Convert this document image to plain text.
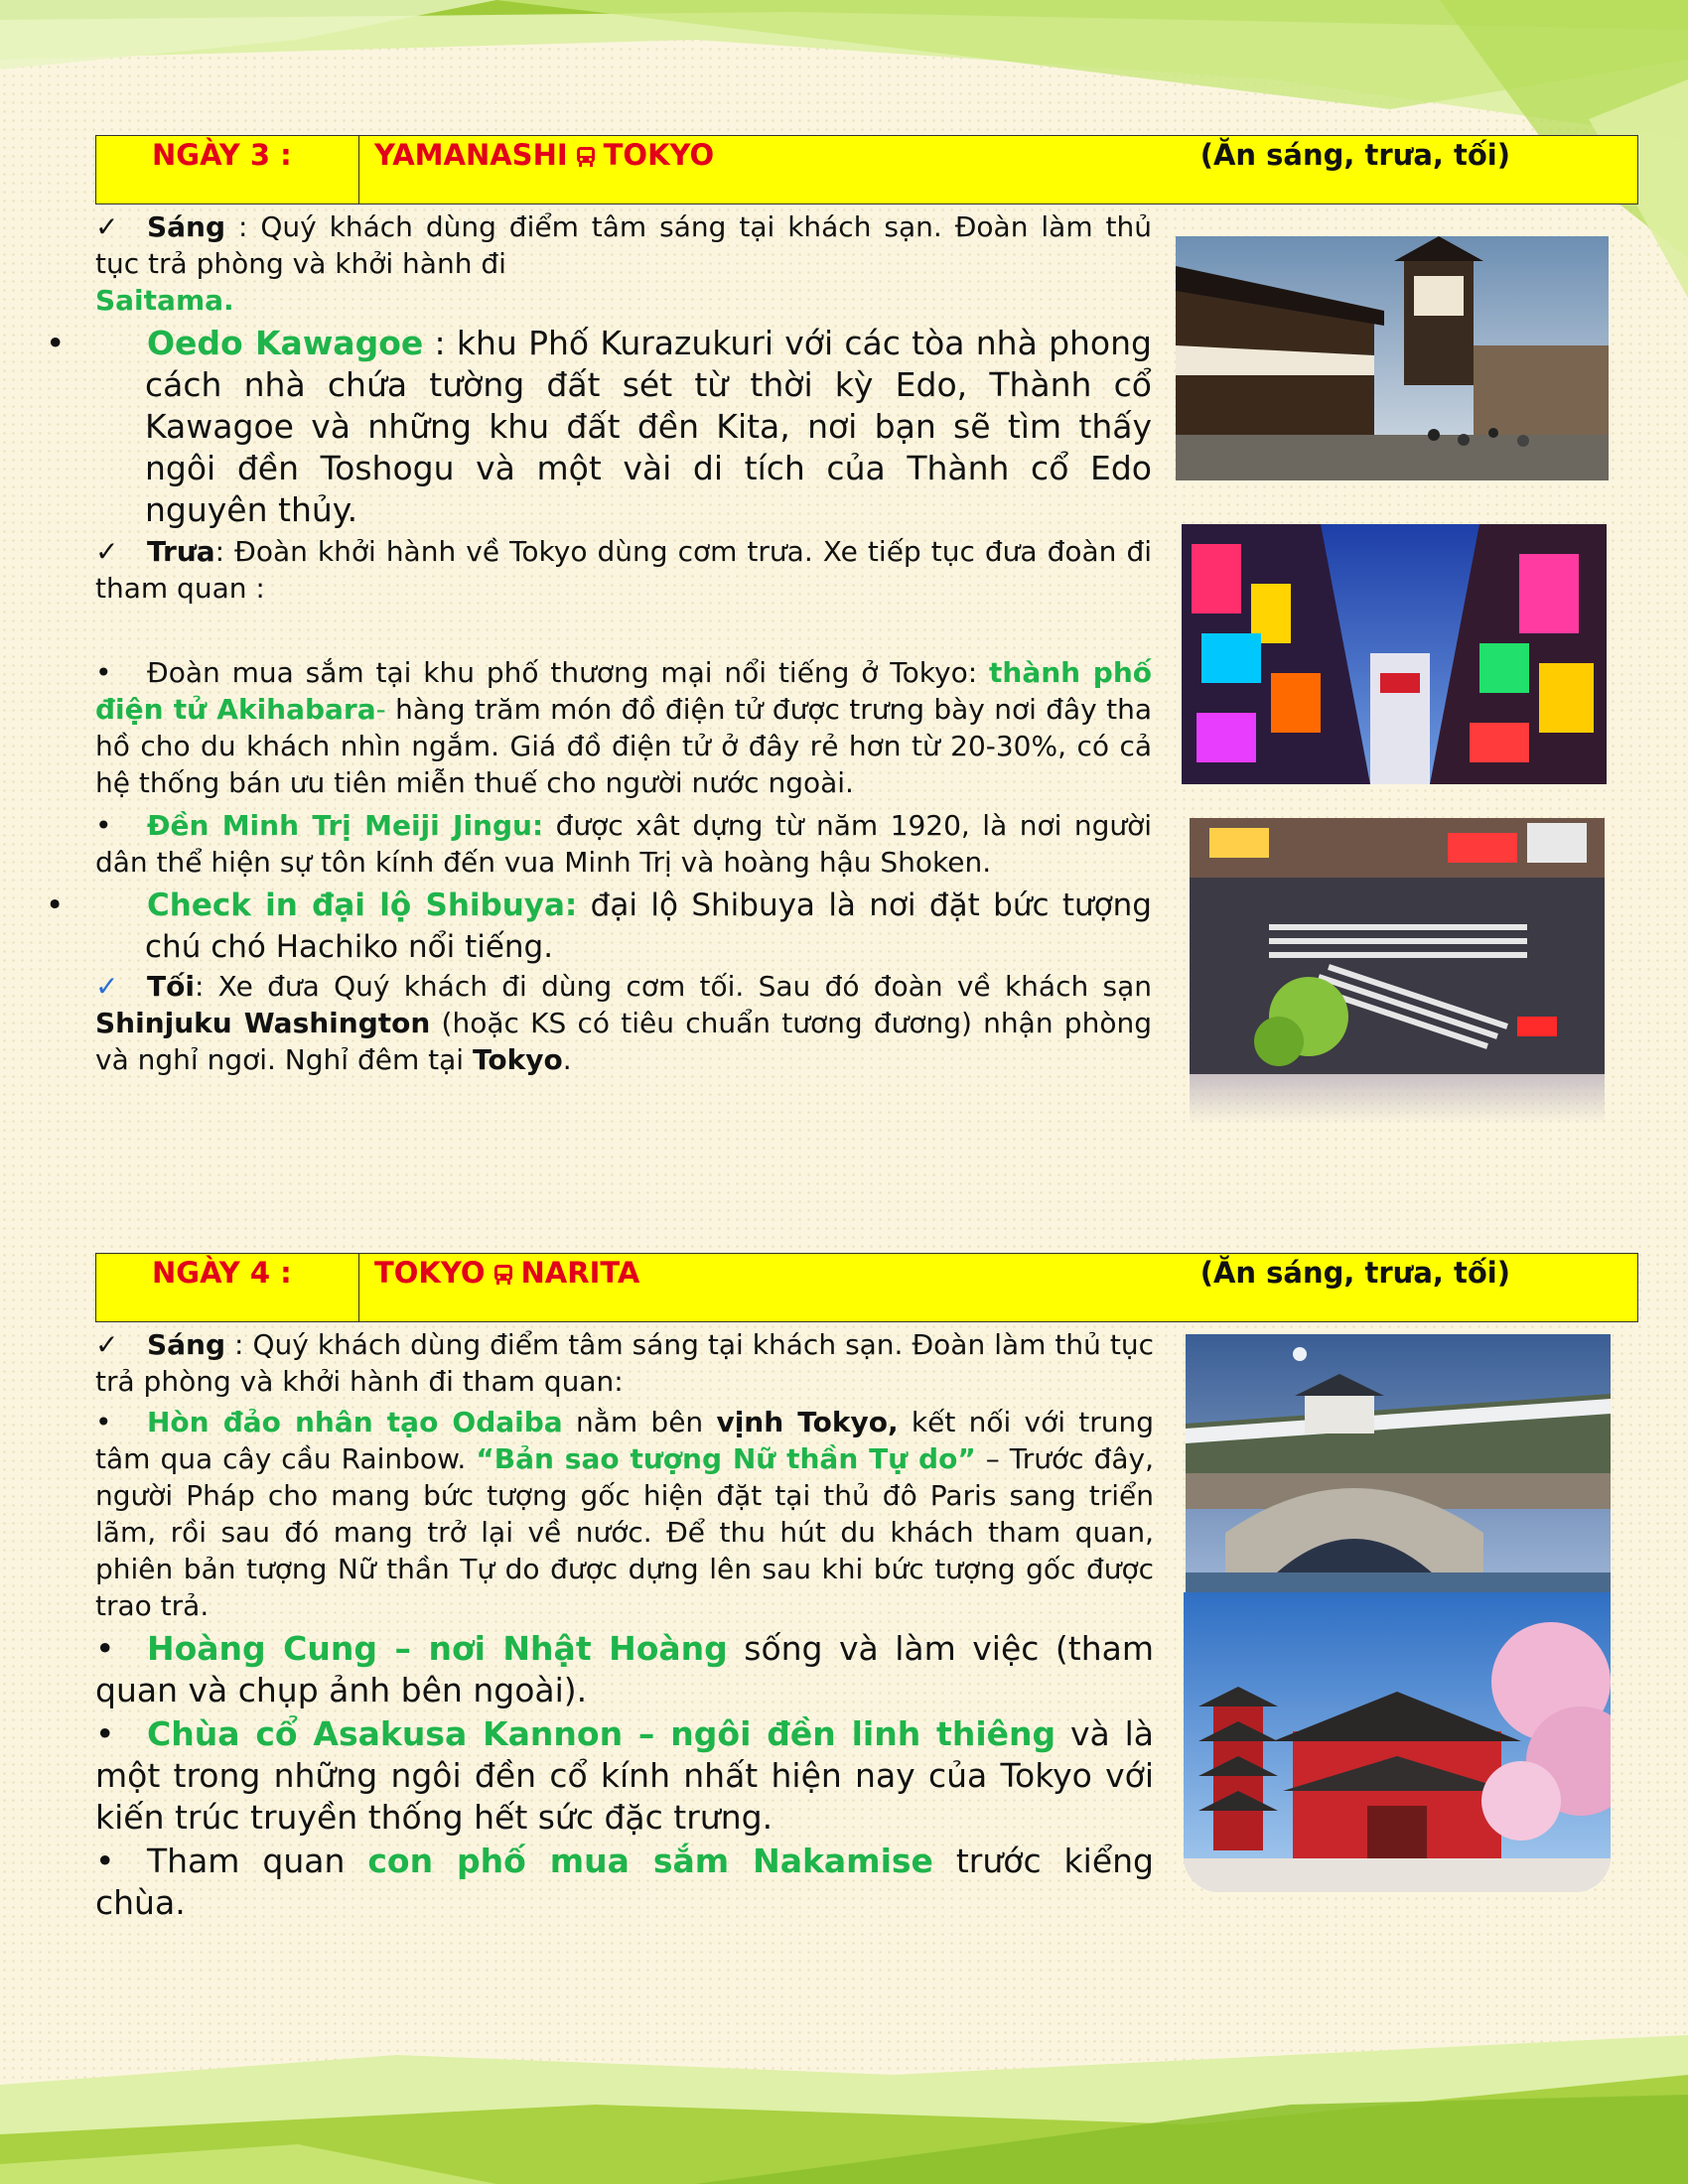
NGÀY 3 :	YAMANASHI TOKYO	(Ăn sáng, trưa, tối)

✓ Sáng : Quý khách dùng điểm tâm sáng tại khách sạn. Đoàn làm thủ tục trả phòng và khởi hành đi

Saitama.

•	Oedo Kawagoe : khu Phố Kurazukuri với các tòa nhà phong cách nhà chứa tường đất sét từ thời kỳ Edo, Thành cổ Kawagoe và những khu đất đền Kita, nơi bạn sẽ tìm thấy ngôi đền Toshogu và một vài di tích của Thành cổ Edo nguyên thủy.

✓ Trưa: Đoàn khởi hành về Tokyo dùng cơm trưa. Xe tiếp tục đưa đoàn đi tham quan :

• Đoàn mua sắm tại khu phố thương mại nổi tiếng ở Tokyo: thành phố điện tử Akihabara- hàng trăm món đồ điện tử được trưng bày nơi đây tha hồ cho du khách nhìn ngắm. Giá đồ điện tử ở đây rẻ hơn từ 20-30%, có cả hệ thống bán ưu tiên miễn thuế cho người nước ngoài.

• Đền Minh Trị Meiji Jingu: được xât dựng từ năm 1920, là nơi người dân thể hiện sự tôn kính đến vua Minh Trị và hoàng hậu Shoken.

•	Check in đại lộ Shibuya: đại lộ Shibuya là nơi đặt bức tượng chú chó Hachiko nổi tiếng.

✓ Tối: Xe đưa Quý khách đi dùng cơm tối. Sau đó đoàn về khách sạn Shinjuku Washington (hoặc KS có tiêu chuẩn tương đương) nhận phòng và nghỉ ngơi. Nghỉ đêm tại Tokyo.

NGÀY 4 :	TOKYO NARITA	(Ăn sáng, trưa, tối)

✓ Sáng : Quý khách dùng điểm tâm sáng tại khách sạn. Đoàn làm thủ tục trả phòng và khởi hành đi tham quan:

• Hòn đảo nhân tạo Odaiba nằm bên vịnh Tokyo, kết nối với trung tâm qua cây cầu Rainbow. “Bản sao tượng Nữ thần Tự do” – Trước đây, người Pháp cho mang bức tượng gốc hiện đặt tại thủ đô Paris sang triển lãm, rồi sau đó mang trở lại về nước. Để thu hút du khách tham quan, phiên bản tượng Nữ thần Tự do được dựng lên sau khi bức tượng gốc được trao trả.

• Hoàng Cung – nơi Nhật Hoàng sống và làm việc (tham quan và chụp ảnh bên ngoài).

• Chùa cổ Asakusa Kannon – ngôi đền linh thiêng và là một trong những ngôi đền cổ kính nhất hiện nay của Tokyo với kiến trúc truyền thống hết sức đặc trưng.

• Tham quan con phố mua sắm Nakamise trước kiểng chùa.
